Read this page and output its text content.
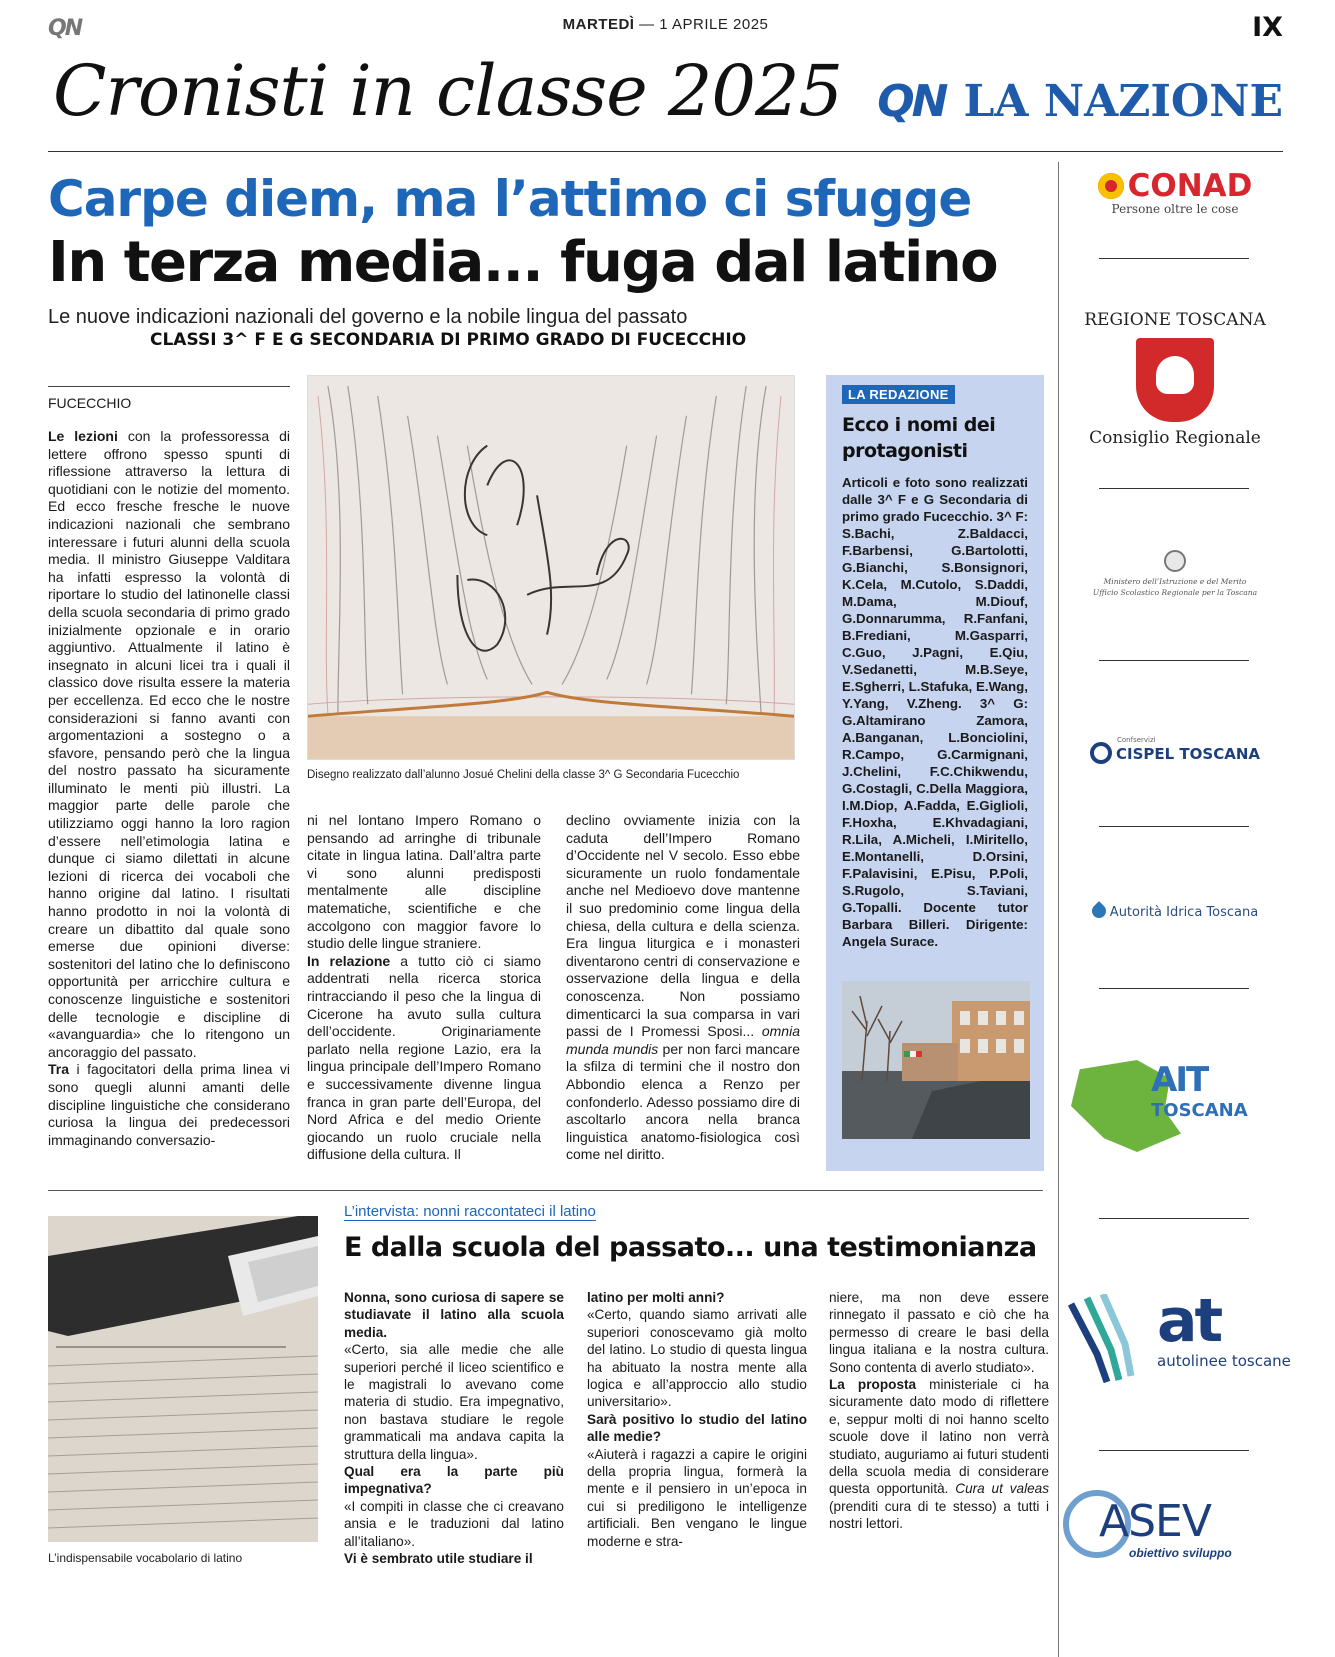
QN	MARTEDÌ — 1 APRILE 2025	IX
Cronisti in classe 2025 QN LA NAZIONE
Carpe diem, ma l’attimo ci sfugge
In terza media... fuga dal latino
Le nuove indicazioni nazionali del governo e la nobile lingua del passato
CLASSI 3^ F E G SECONDARIA DI PRIMO GRADO DI FUCECCHIO
FUCECCHIO
Le lezioni con la professoressa di lettere offrono spesso spunti di riflessione attraverso la lettura di quotidiani con le notizie del momento. Ed ecco fresche fresche le nuove indicazioni nazionali che sembrano interessare i futuri alunni della scuola media. Il ministro Giuseppe Valditara ha infatti espresso la volontà di riportare lo studio del latinonelle classi della scuola secondaria di primo grado inizialmente opzionale e in orario aggiuntivo. Attualmente il latino è insegnato in alcuni licei tra i quali il classico dove risulta essere la materia per eccellenza. Ed ecco che le nostre considerazioni si fanno avanti con argomentazioni a sostegno o a sfavore, pensando però che la lingua del nostro passato ha sicuramente illuminato le menti più illustri. La maggior parte delle parole che utilizziamo oggi hanno la loro ragion d’essere nell’etimologia latina e dunque ci siamo dilettati in alcune lezioni di ricerca dei vocaboli che hanno origine dal latino. I risultati hanno prodotto in noi la volontà di creare un dibattito dal quale sono emerse due opinioni diverse: sostenitori del latino che lo definiscono opportunità per arricchire cultura e conoscenze linguistiche e sostenitori delle tecnologie e discipline di «avanguardia» che lo ritengono un ancoraggio del passato.
Tra i fagocitatori della prima linea vi sono quegli alunni amanti delle discipline linguistiche che considerano curiosa la lingua dei predecessori immaginando conversazio-
Disegno realizzato dall’alunno Josué Chelini della classe 3^ G Secondaria Fucecchio
ni nel lontano Impero Romano o pensando ad arringhe di tribunale citate in lingua latina. Dall’altra parte vi sono alunni predisposti mentalmente alle discipline matematiche, scientifiche e che accolgono con maggior favore lo studio delle lingue straniere.
In relazione a tutto ciò ci siamo addentrati nella ricerca storica rintracciando il peso che la lingua di Cicerone ha avuto sulla cultura dell’occidente. Originariamente parlato nella regione Lazio, era la lingua principale dell’Impero Romano e successivamente divenne lingua franca in gran parte dell’Europa, del Nord Africa e del medio Oriente giocando un ruolo cruciale nella diffusione della cultura. Il
declino ovviamente inizia con la caduta dell’Impero Romano d’Occidente nel V secolo. Esso ebbe sicuramente un ruolo fondamentale anche nel Medioevo dove mantenne il suo predominio come lingua della chiesa, della cultura e della scienza. Era lingua liturgica e i monasteri diventarono centri di conservazione e osservazione della lingua e della conoscenza. Non possiamo dimenticarci la sua comparsa in vari passi de I Promessi Sposi... omnia munda mundis per non farci mancare la sfilza di termini che il nostro don Abbondio elenca a Renzo per confonderlo. Adesso possiamo dire di ascoltarlo ancora nella branca linguistica anatomo-fisiologica così come nel diritto.
LA REDAZIONE
Ecco i nomi dei protagonisti
Articoli e foto sono realizzati dalle 3^ F e G Secondaria di primo grado Fucecchio. 3^ F: S.Bachi, Z.Baldacci, F.Barbensi, G.Bartolotti, G.Bianchi, S.Bonsignori, K.Cela, M.Cutolo, S.Daddi, M.Dama, M.Diouf, G.Donnarumma, R.Fanfani, B.Frediani, M.Gasparri, C.Guo, J.Pagni, E.Qiu, V.Sedanetti, M.B.Seye, E.Sgherri, L.Stafuka, E.Wang, Y.Yang, V.Zheng. 3^ G: G.Altamirano Zamora, A.Banganan, L.Bonciolini, R.Campo, G.Carmignani, J.Chelini, F.C.Chikwendu, G.Costagli, C.Della Maggiora, I.M.Diop, A.Fadda, E.Giglioli, F.Hoxha, E.Khvadagiani, R.Lila, A.Micheli, I.Miritello, E.Montanelli, D.Orsini, F.Palavisini, E.Pisu, P.Poli, S.Rugolo, S.Taviani, G.Topalli. Docente tutor Barbara Billeri. Dirigente: Angela Surace.
CONAD
Persone oltre le cose
REGIONE TOSCANA
Consiglio Regionale
Ministero dell’Istruzione e del Merito
Ufficio Scolastico Regionale per la Toscana
Confservizi
CISPEL TOSCANA
Autorità Idrica Toscana
AIT
TOSCANA
at
autolinee toscane
ASEV
obiettivo sviluppo
L’indispensabile vocabolario di latino
L’intervista: nonni raccontateci il latino
E dalla scuola del passato... una testimonianza
Nonna, sono curiosa di sapere se studiavate il latino alla scuola media.
«Certo, sia alle medie che alle superiori perché il liceo scientifico e le magistrali lo avevano come materia di studio. Era impegnativo, non bastava studiare le regole grammaticali ma andava capita la struttura della lingua».
Qual era la parte più impegnativa?
«I compiti in classe che ci creavano ansia e le traduzioni dal latino all’italiano».
Vi è sembrato utile studiare il
latino per molti anni?
«Certo, quando siamo arrivati alle superiori conoscevamo già molto del latino. Lo studio di questa lingua ha abituato la nostra mente alla logica e all’approccio allo studio universitario».
Sarà positivo lo studio del latino alle medie?
«Aiuterà i ragazzi a capire le origini della propria lingua, formerà la mente e il pensiero in un’epoca in cui si prediligono le intelligenze artificiali. Ben vengano le lingue moderne e stra-
niere, ma non deve essere rinnegato il passato e ciò che ha permesso di creare le basi della lingua italiana e la nostra cultura. Sono contenta di averlo studiato».
La proposta ministeriale ci ha sicuramente dato modo di riflettere e, seppur molti di noi hanno scelto scuole dove il latino non verrà studiato, auguriamo ai futuri studenti della scuola media di considerare questa opportunità. Cura ut valeas (prenditi cura di te stesso) a tutti i nostri lettori.
